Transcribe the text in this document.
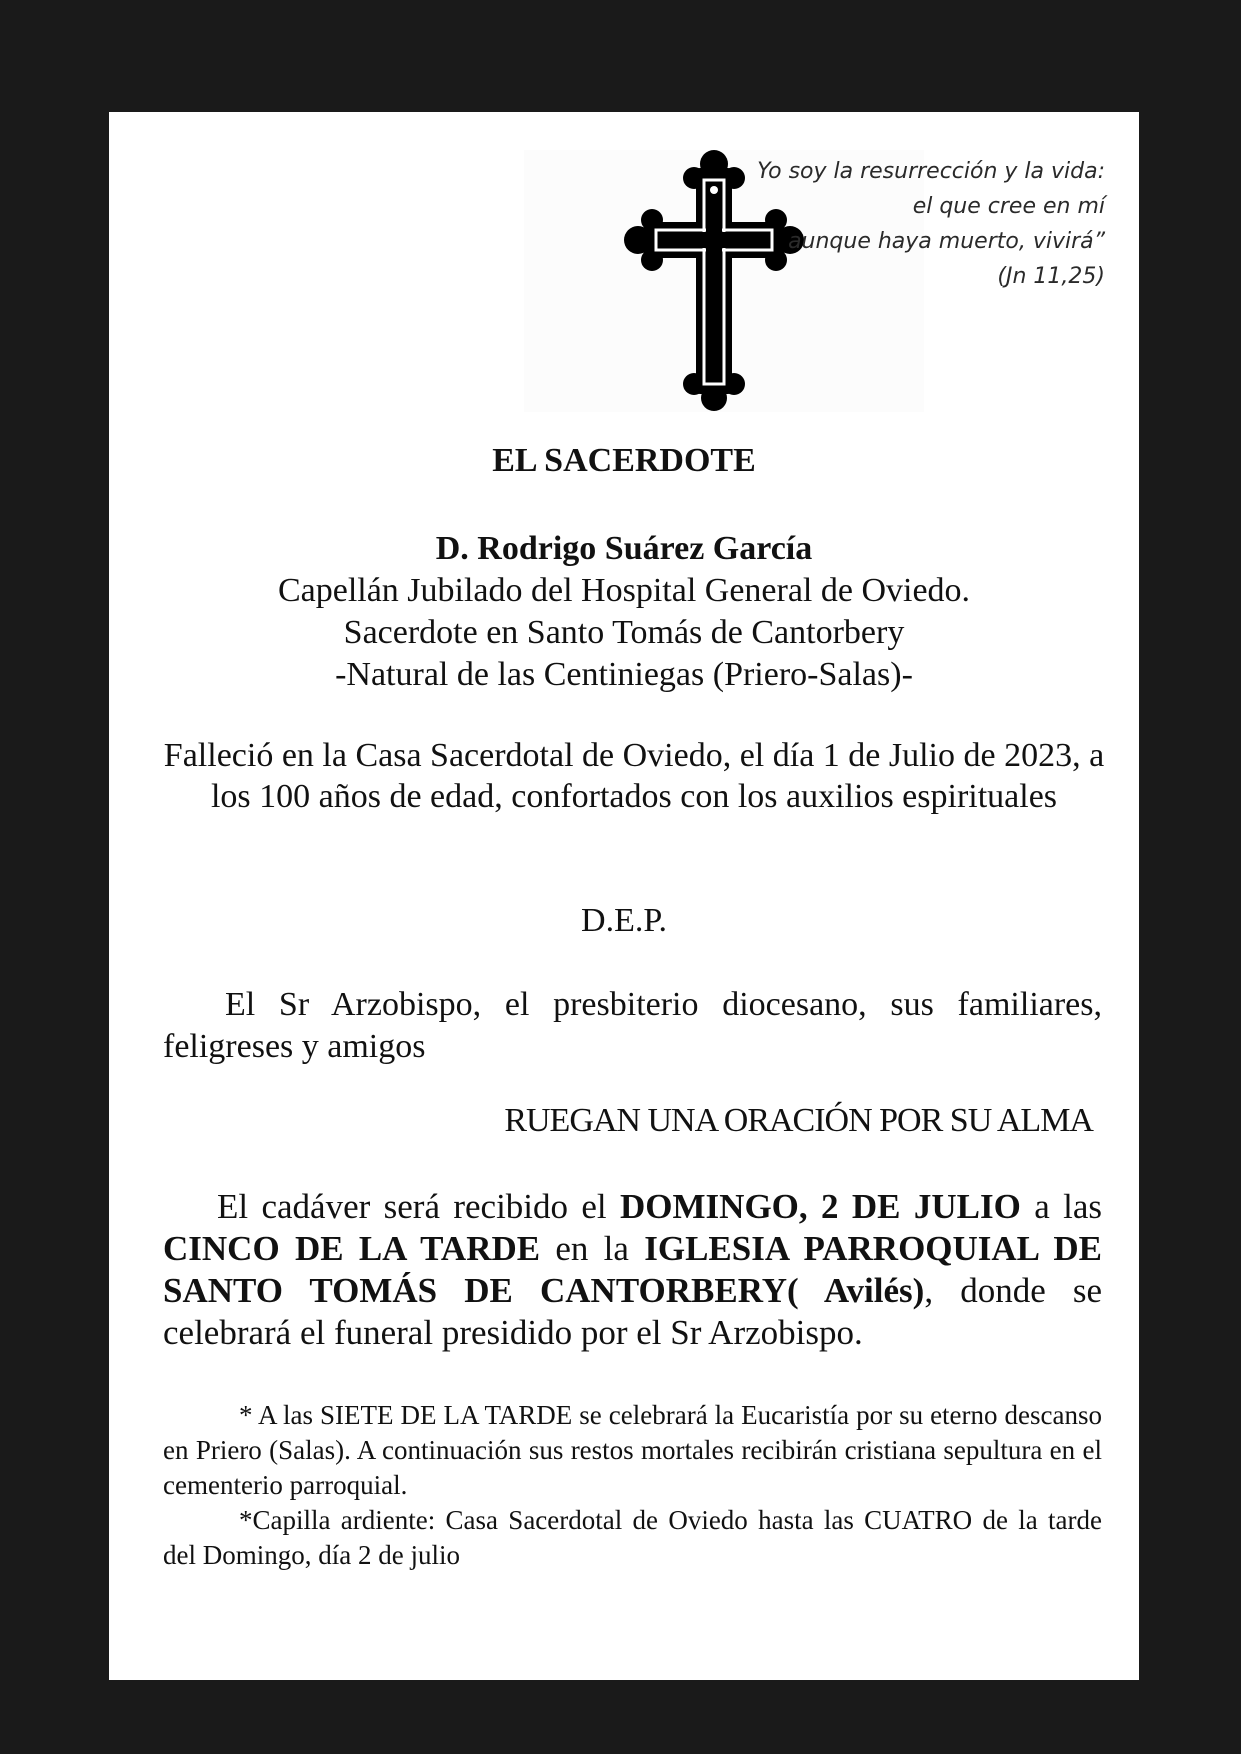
Yo soy la resurrección y la vida:
el que cree en mí
aunque haya muerto, vivirá”
(Jn 11,25)
EL SACERDOTE
D. Rodrigo Suárez García
Capellán Jubilado del Hospital General de Oviedo.
Sacerdote en Santo Tomás de Cantorbery
-Natural de las Centiniegas (Priero-Salas)-
Falleció en la Casa Sacerdotal de Oviedo, el día 1 de Julio de 2023, a los 100 años de edad, confortados con los auxilios espirituales
D.E.P.
El Sr Arzobispo, el presbiterio diocesano, sus familiares, feligreses y amigos
RUEGAN UNA ORACIÓN POR SU ALMA
El cadáver será recibido el DOMINGO, 2 DE JULIO a las CINCO DE LA TARDE en la IGLESIA PARROQUIAL DE SANTO TOMÁS DE CANTORBERY( Avilés), donde se celebrará el funeral presidido por el Sr Arzobispo.
* A las SIETE DE LA TARDE se celebrará la Eucaristía por su eterno descanso en Priero (Salas). A continuación sus restos mortales recibirán cristiana sepultura en el cementerio parroquial.
*Capilla ardiente: Casa Sacerdotal de Oviedo hasta las CUATRO de la tarde del Domingo, día 2 de julio
